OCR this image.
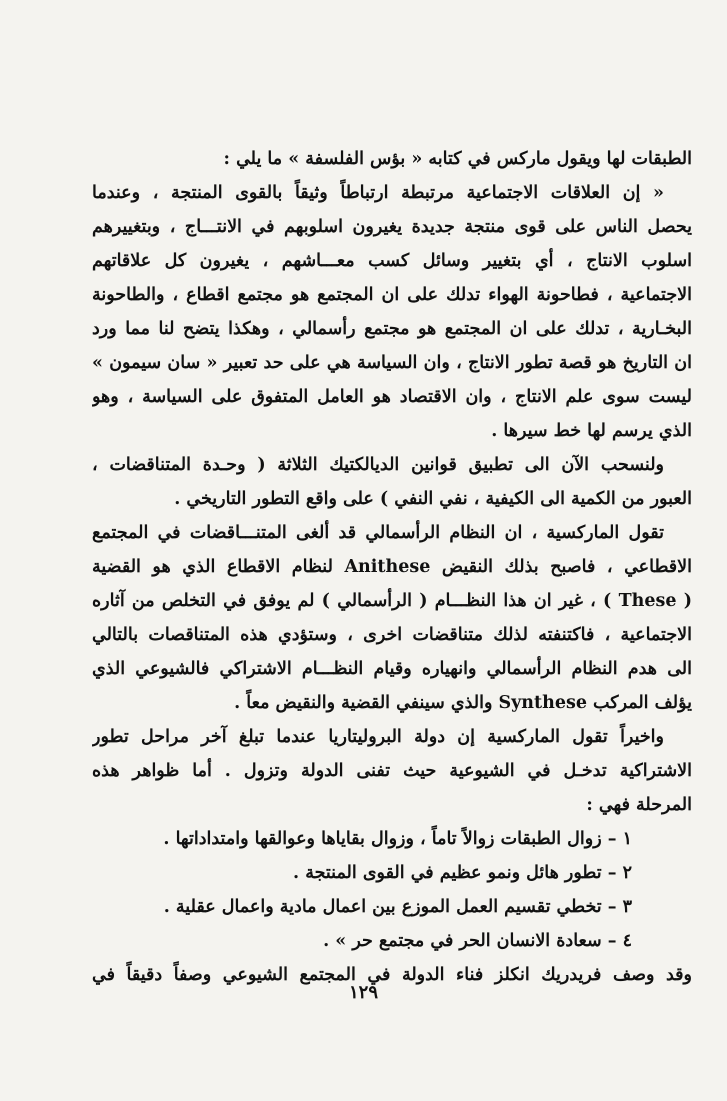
الطبقات لها ويقول ماركس في كتابه « بؤس الفلسفة » ما يلي :
« إن العلاقات الاجتماعية مرتبطة ارتباطاً وثيقاً بالقوى المنتجة ، وعندما
يحصل الناس على قوى منتجة جديدة يغيرون اسلوبهم في الانتـــاج ، وبتغييرهم
اسلوب الانتاج ، أي بتغيير وسائل كسب معـــاشهم ، يغيرون كل علاقاتهم
الاجتماعية ، فطاحونة الهواء تدلك على ان المجتمع هو مجتمع اقطاع ، والطاحونة
البخـارية ، تدلك على ان المجتمع هو مجتمع رأسمالي ، وهكذا يتضح لنا مما ورد
ان التاريخ هو قصة تطور الانتاج ، وان السياسة هي على حد تعبير « سان سيمون »
ليست سوى علم الانتاج ، وان الاقتصاد هو العامل المتفوق على السياسة ، وهو
الذي يرسم لها خط سيرها .
ولنسحب الآن الى تطبيق قوانين الديالكتيك الثلاثة ( وحـدة المتناقضات ،
العبور من الكمية الى الكيفية ، نفي النفي ) على واقع التطور التاريخي .
تقول الماركسية ، ان النظام الرأسمالي قد ألغى المتنـــاقضات في المجتمع
الاقطاعي ، فاصبح بذلك النقيض Anithese لنظام الاقطاع الذي هو القضية
( These ) ، غير ان هذا النظـــام ( الرأسمالي ) لم يوفق في التخلص من آثاره
الاجتماعية ، فاكتنفته لذلك متناقضات اخرى ، وستؤدي هذه المتناقصات بالتالي
الى هدم النظام الرأسمالي وانهياره وقيام النظـــام الاشتراكي فالشيوعي الذي
يؤلف المركب Synthese والذي سينفي القضية والنقيض معاً .
واخيراً تقول الماركسية إن دولة البروليتاريا عندما تبلغ آخر مراحل تطور
الاشتراكية تدخـل في الشيوعية حيث تفنى الدولة وتزول . أما ظواهر هذه
المرحلة فهي :
١ – زوال الطبقات زوالاً تاماً ، وزوال بقاياها وعوالقها وامتداداتها .
٢ – تطور هائل ونمو عظيم في القوى المنتجة .
٣ – تخطي تقسيم العمل الموزع بين اعمال مادية واعمال عقلية .
٤ – سعادة الانسان الحر في مجتمع حر » .
وقد وصف فريدريك انكلز فناء الدولة في المجتمع الشيوعي وصفاً دقيقاً في
١٢٩
